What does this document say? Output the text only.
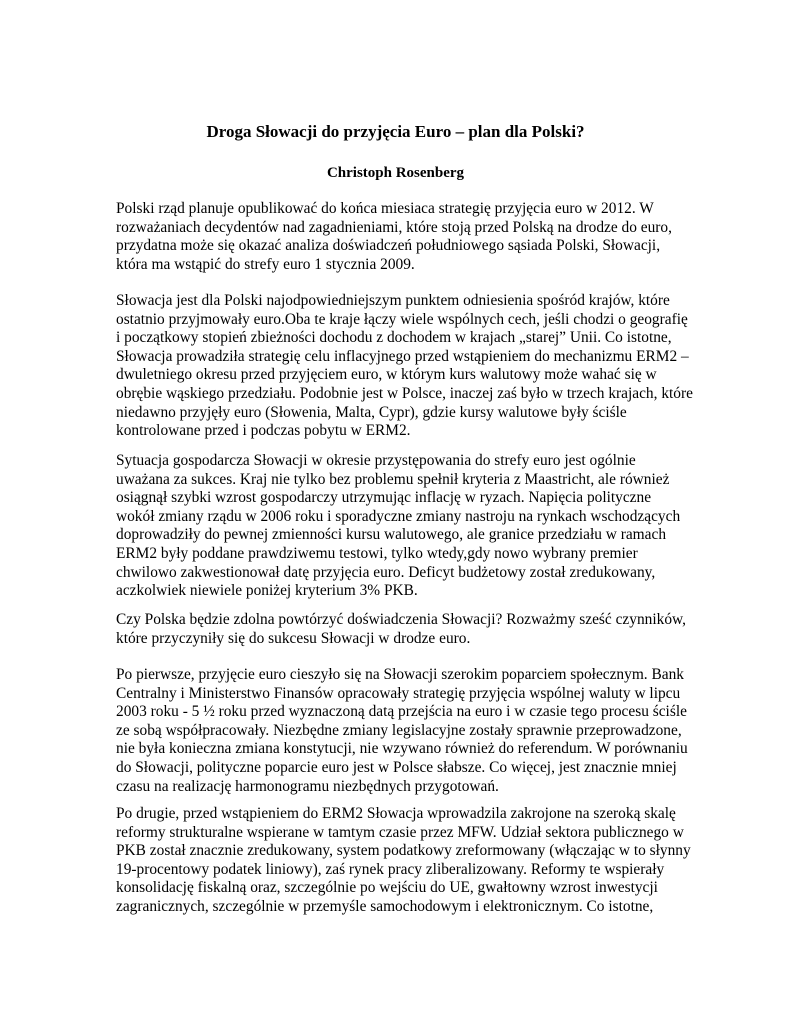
Droga Słowacji do przyjęcia Euro – plan dla Polski?
Christoph Rosenberg

Polski rząd planuje opublikować do końca miesiaca strategię przyjęcia euro w 2012. W
rozważaniach decydentów nad zagadnieniami, które stoją przed Polską na drodze do euro,
przydatna może się okazać analiza doświadczeń południowego sąsiada Polski, Słowacji,
która ma wstąpić do strefy euro 1 stycznia 2009.

Słowacja jest dla Polski najodpowiedniejszym punktem odniesienia spośród krajów, które
ostatnio przyjmowały euro.Oba te kraje łączy wiele wspólnych cech, jeśli chodzi o geografię
i początkowy stopień zbieżności dochodu z dochodem w krajach „starej” Unii. Co istotne,
Słowacja prowadziła strategię celu inflacyjnego przed wstąpieniem do mechanizmu ERM2 –
dwuletniego okresu przed przyjęciem euro, w którym kurs walutowy może wahać się w
obrębie wąskiego przedziału. Podobnie jest w Polsce, inaczej zaś było w trzech krajach, które
niedawno przyjęły euro (Słowenia, Malta, Cypr), gdzie kursy walutowe były ściśle
kontrolowane przed i podczas pobytu w ERM2.

Sytuacja gospodarcza Słowacji w okresie przystępowania do strefy euro jest ogólnie
uważana za sukces. Kraj nie tylko bez problemu spełnił kryteria z Maastricht, ale również
osiągnął szybki wzrost gospodarczy utrzymując inflację w ryzach. Napięcia polityczne
wokół zmiany rządu w 2006 roku i sporadyczne zmiany nastroju na rynkach wschodzących
doprowadziły do pewnej zmienności kursu walutowego, ale granice przedziału w ramach
ERM2 były poddane prawdziwemu testowi, tylko wtedy,gdy nowo wybrany premier
chwilowo zakwestionował datę przyjęcia euro. Deficyt budżetowy został zredukowany,
aczkolwiek niewiele poniżej kryterium 3% PKB.

Czy Polska będzie zdolna powtórzyć doświadczenia Słowacji? Rozważmy sześć czynników,
które przyczyniły się do sukcesu Słowacji w drodze euro.

Po pierwsze, przyjęcie euro cieszyło się na Słowacji szerokim poparciem społecznym. Bank
Centralny i Ministerstwo Finansów opracowały strategię przyjęcia wspólnej waluty w lipcu
2003 roku - 5 ½ roku przed wyznaczoną datą przejścia na euro i w czasie tego procesu ściśle
ze sobą współpracowały. Niezbędne zmiany legislacyjne zostały sprawnie przeprowadzone,
nie była konieczna zmiana konstytucji, nie wzywano również do referendum. W porównaniu
do Słowacji, polityczne poparcie euro jest w Polsce słabsze. Co więcej, jest znacznie mniej
czasu na realizację harmonogramu niezbędnych przygotowań.

Po drugie, przed wstąpieniem do ERM2 Słowacja wprowadzila zakrojone na szeroką skalę
reformy strukturalne wspierane w tamtym czasie przez MFW. Udział sektora publicznego w
PKB został znacznie zredukowany, system podatkowy zreformowany (włączając w to słynny
19-procentowy podatek liniowy), zaś rynek pracy zliberalizowany. Reformy te wspierały
konsolidację fiskalną oraz, szczególnie po wejściu do UE, gwałtowny wzrost inwestycji
zagranicznych, szczególnie w przemyśle samochodowym i elektronicznym. Co istotne,
